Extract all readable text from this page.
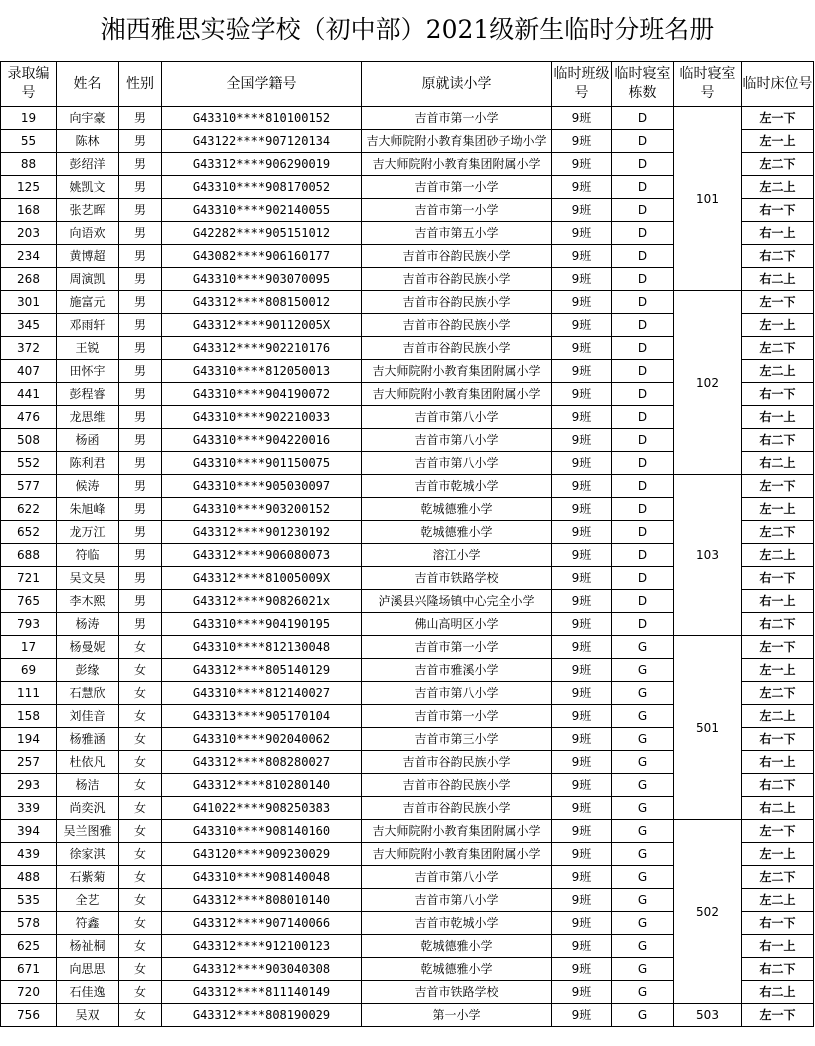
湘西雅思实验学校（初中部）2021级新生临时分班名册
录取编号	姓名	性别	全国学籍号	原就读小学	临时班级号	临时寝室栋数	临时寝室号	临时床位号
19	向宇豪	男	G43310****810100152	吉首市第一小学	9班	D	101	左一下
55	陈林	男	G43122****907120134	吉大师院附小教育集团砂子坳小学	9班	D		左一上
88	彭绍洋	男	G43312****906290019	吉大师院附小教育集团附属小学	9班	D		左二下
125	姚凯文	男	G43310****908170052	吉首市第一小学	9班	D		左二上
168	张艺晖	男	G43310****902140055	吉首市第一小学	9班	D		右一下
203	向语欢	男	G42282****905151012	吉首市第五小学	9班	D		右一上
234	黄博超	男	G43082****906160177	吉首市谷韵民族小学	9班	D		右二下
268	周演凯	男	G43310****903070095	吉首市谷韵民族小学	9班	D		右二上
301	施富元	男	G43312****808150012	吉首市谷韵民族小学	9班	D	102	左一下
345	邓雨轩	男	G43312****90112005X	吉首市谷韵民族小学	9班	D		左一上
372	王锐	男	G43312****902210176	吉首市谷韵民族小学	9班	D		左二下
407	田怀宇	男	G43310****812050013	吉大师院附小教育集团附属小学	9班	D		左二上
441	彭程睿	男	G43310****904190072	吉大师院附小教育集团附属小学	9班	D		右一下
476	龙思维	男	G43310****902210033	吉首市第八小学	9班	D		右一上
508	杨函	男	G43310****904220016	吉首市第八小学	9班	D		右二下
552	陈利君	男	G43310****901150075	吉首市第八小学	9班	D		右二上
577	候涛	男	G43310****905030097	吉首市乾城小学	9班	D	103	左一下
622	朱旭峰	男	G43310****903200152	乾城德雅小学	9班	D		左一上
652	龙万江	男	G43312****901230192	乾城德雅小学	9班	D		左二下
688	符临	男	G43312****906080073	溶江小学	9班	D		左二上
721	吴文昊	男	G43312****81005009X	吉首市铁路学校	9班	D		右一下
765	李木熙	男	G43312****90826021x	泸溪县兴隆场镇中心完全小学	9班	D		右一上
793	杨涛	男	G43310****904190195	佛山高明区小学	9班	D		右二下
17	杨曼妮	女	G43310****812130048	吉首市第一小学	9班	G	501	左一下
69	彭缘	女	G43312****805140129	吉首市雅溪小学	9班	G		左一上
111	石慧欣	女	G43310****812140027	吉首市第八小学	9班	G		左二下
158	刘佳音	女	G43313****905170104	吉首市第一小学	9班	G		左二上
194	杨雅涵	女	G43310****902040062	吉首市第三小学	9班	G		右一下
257	杜依凡	女	G43312****808280027	吉首市谷韵民族小学	9班	G		右一上
293	杨洁	女	G43312****810280140	吉首市谷韵民族小学	9班	G		右二下
339	尚奕汎	女	G41022****908250383	吉首市谷韵民族小学	9班	G		右二上
394	吴兰图雅	女	G43310****908140160	吉大师院附小教育集团附属小学	9班	G	502	左一下
439	徐家淇	女	G43120****909230029	吉大师院附小教育集团附属小学	9班	G		左一上
488	石紫菊	女	G43310****908140048	吉首市第八小学	9班	G		左二下
535	全艺	女	G43312****808010140	吉首市第八小学	9班	G		左二上
578	符鑫	女	G43312****907140066	吉首市乾城小学	9班	G		右一下
625	杨祉桐	女	G43312****912100123	乾城德雅小学	9班	G		右一上
671	向思思	女	G43312****903040308	乾城德雅小学	9班	G		右二下
720	石佳逸	女	G43312****811140149	吉首市铁路学校	9班	G		右二上
756	吴双	女	G43312****808190029	第一小学	9班	G	503	左一下
